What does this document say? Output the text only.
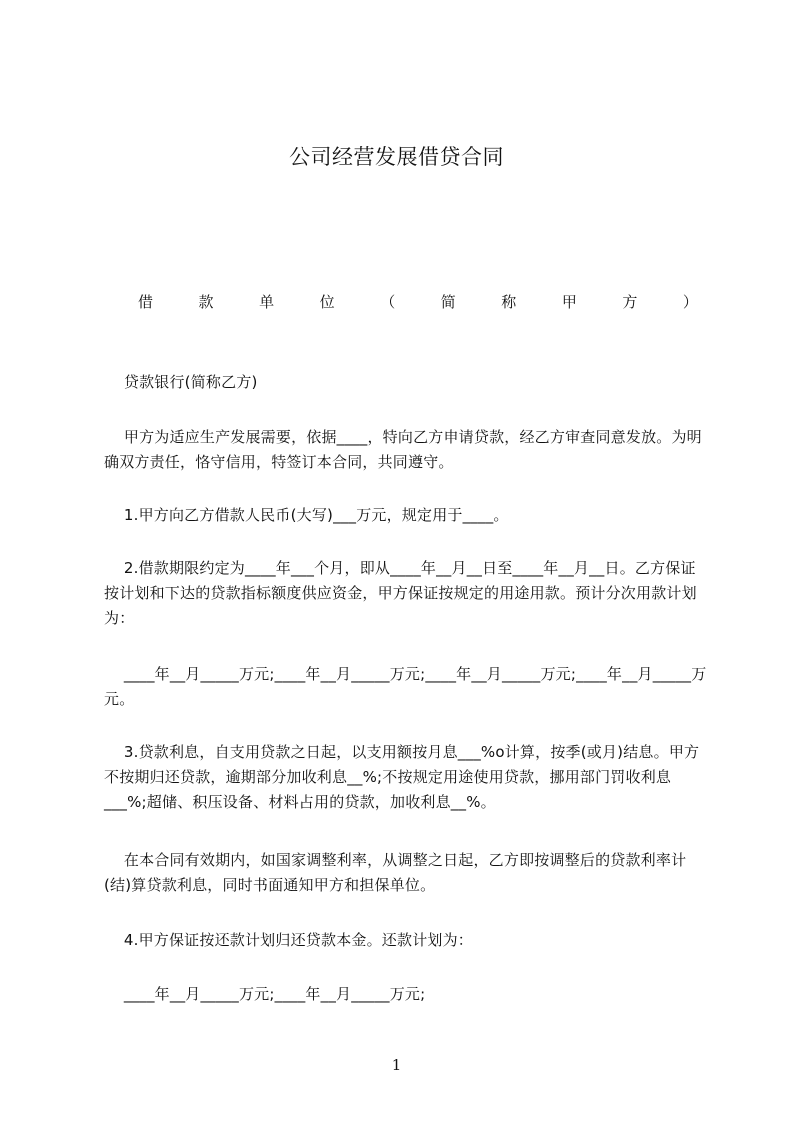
公司经营发展借贷合同
借	款	单	位	（	简	称	甲	方	）
贷款银行(简称乙方)
甲方为适应生产发展需要，依据____，特向乙方申请贷款，经乙方审查同意发放。为明确双方责任，恪守信用，特签订本合同，共同遵守。
1.甲方向乙方借款人民币(大写)___万元，规定用于____。
2.借款期限约定为____年___个月，即从____年__月__日至____年__月__日。乙方保证按计划和下达的贷款指标额度供应资金，甲方保证按规定的用途用款。预计分次用款计划为：
____年__月_____万元;____年__月_____万元;____年__月_____万元;____年__月_____万元。
3.贷款利息，自支用贷款之日起，以支用额按月息___%o计算，按季(或月)结息。甲方不按期归还贷款，逾期部分加收利息__%;不按规定用途使用贷款，挪用部门罚收利息___%;超储、积压设备、材料占用的贷款，加收利息__%。
在本合同有效期内，如国家调整利率，从调整之日起，乙方即按调整后的贷款利率计(结)算贷款利息，同时书面通知甲方和担保单位。
4.甲方保证按还款计划归还贷款本金。还款计划为：
____年__月_____万元;____年__月_____万元;
1
